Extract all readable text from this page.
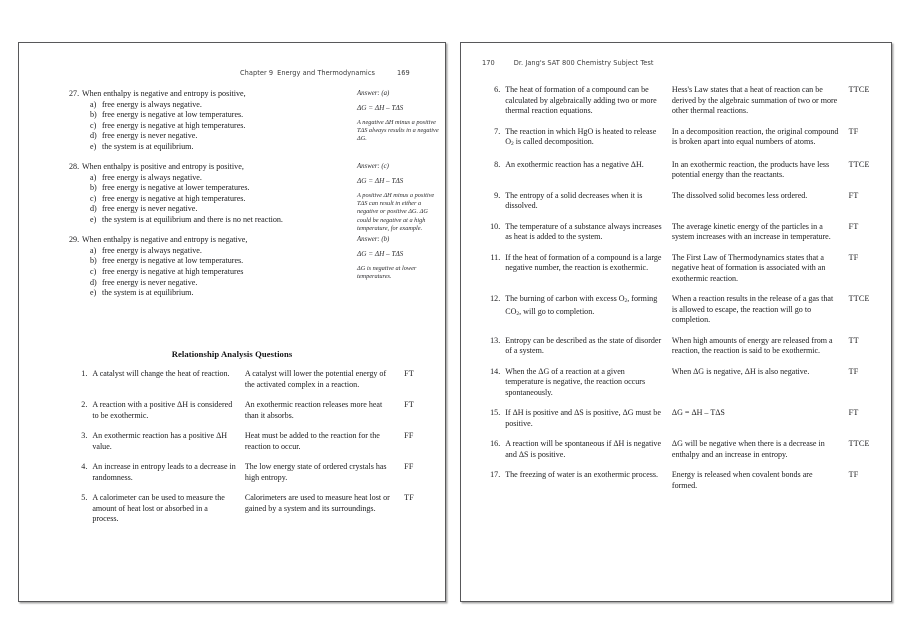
Chapter 9 Energy and Thermodynamics	169
27. When enthalpy is negative and entropy is positive,
a) free energy is always negative.
b) free energy is negative at low temperatures.
c) free energy is negative at high temperatures.
d) free energy is never negative.
e) the system is at equilibrium.
Answer: (a)
ΔG = ΔH – TΔS
A negative ΔH minus a positive TΔS always results in a negative ΔG.
28. When enthalpy is positive and entropy is positive,
a) free energy is always negative.
b) free energy is negative at lower temperatures.
c) free energy is negative at high temperatures.
d) free energy is never negative.
e) the system is at equilibrium and there is no net reaction.
Answer: (c)
ΔG = ΔH – TΔS
A positive ΔH minus a positive TΔS can result in either a negative or positive ΔG. ΔG could be negative at a high temperature, for example.
29. When enthalpy is negative and entropy is negative,
a) free energy is always negative.
b) free energy is negative at low temperatures.
c) free energy is negative at high temperatures
d) free energy is never negative.
e) the system is at equilibrium.
Answer: (b)
ΔG = ΔH – TΔS
ΔG is negative at lower temperatures.
Relationship Analysis Questions
1.	A catalyst will change the heat of reaction.	A catalyst will lower the potential energy of the activated complex in a reaction.	FT
2.	A reaction with a positive ΔH is considered to be exothermic.	An exothermic reaction releases more heat than it absorbs.	FT
3.	An exothermic reaction has a positive ΔH value.	Heat must be added to the reaction for the reaction to occur.	FF
4.	An increase in entropy leads to a decrease in randomness.	The low energy state of ordered crystals has high entropy.	FF
5.	A calorimeter can be used to measure the amount of heat lost or absorbed in a process.	Calorimeters are used to measure heat lost or gained by a system and its surroundings.	TF
170	Dr. Jang's SAT 800 Chemistry Subject Test
6.	The heat of formation of a compound can be calculated by algebraically adding two or more thermal reaction equations.	Hess's Law states that a heat of reaction can be derived by the algebraic summation of two or more other thermal reactions.	TTCE
7.	The reaction in which HgO is heated to release $O_2$ is called decomposition.	In a decomposition reaction, the original compound is broken apart into equal numbers of atoms.	TF
8.	An exothermic reaction has a negative ΔH.	In an exothermic reaction, the products have less potential energy than the reactants.	TTCE
9.	The entropy of a solid decreases when it is dissolved.	The dissolved solid becomes less ordered.	FT
10.	The temperature of a substance always increases as heat is added to the system.	The average kinetic energy of the particles in a system increases with an increase in temperature.	FT
11.	If the heat of formation of a compound is a large negative number, the reaction is exothermic.	The First Law of Thermodynamics states that a negative heat of formation is associated with an exothermic reaction.	TF
12.	The burning of carbon with excess $O_2$, forming $CO_2$, will go to completion.	When a reaction results in the release of a gas that is allowed to escape, the reaction will go to completion.	TTCE
13.	Entropy can be described as the state of disorder of a system.	When high amounts of energy are released from a reaction, the reaction is said to be exothermic.	TT
14.	When the ΔG of a reaction at a given temperature is negative, the reaction occurs spontaneously.	When ΔG is negative, ΔH is also negative.	TF
15.	If ΔH is positive and ΔS is positive, ΔG must be positive.	ΔG = ΔH – TΔS	FT
16.	A reaction will be spontaneous if ΔH is negative and ΔS is positive.	ΔG will be negative when there is a decrease in enthalpy and an increase in entropy.	TTCE
17.	The freezing of water is an exothermic process.	Energy is released when covalent bonds are formed.	TF
